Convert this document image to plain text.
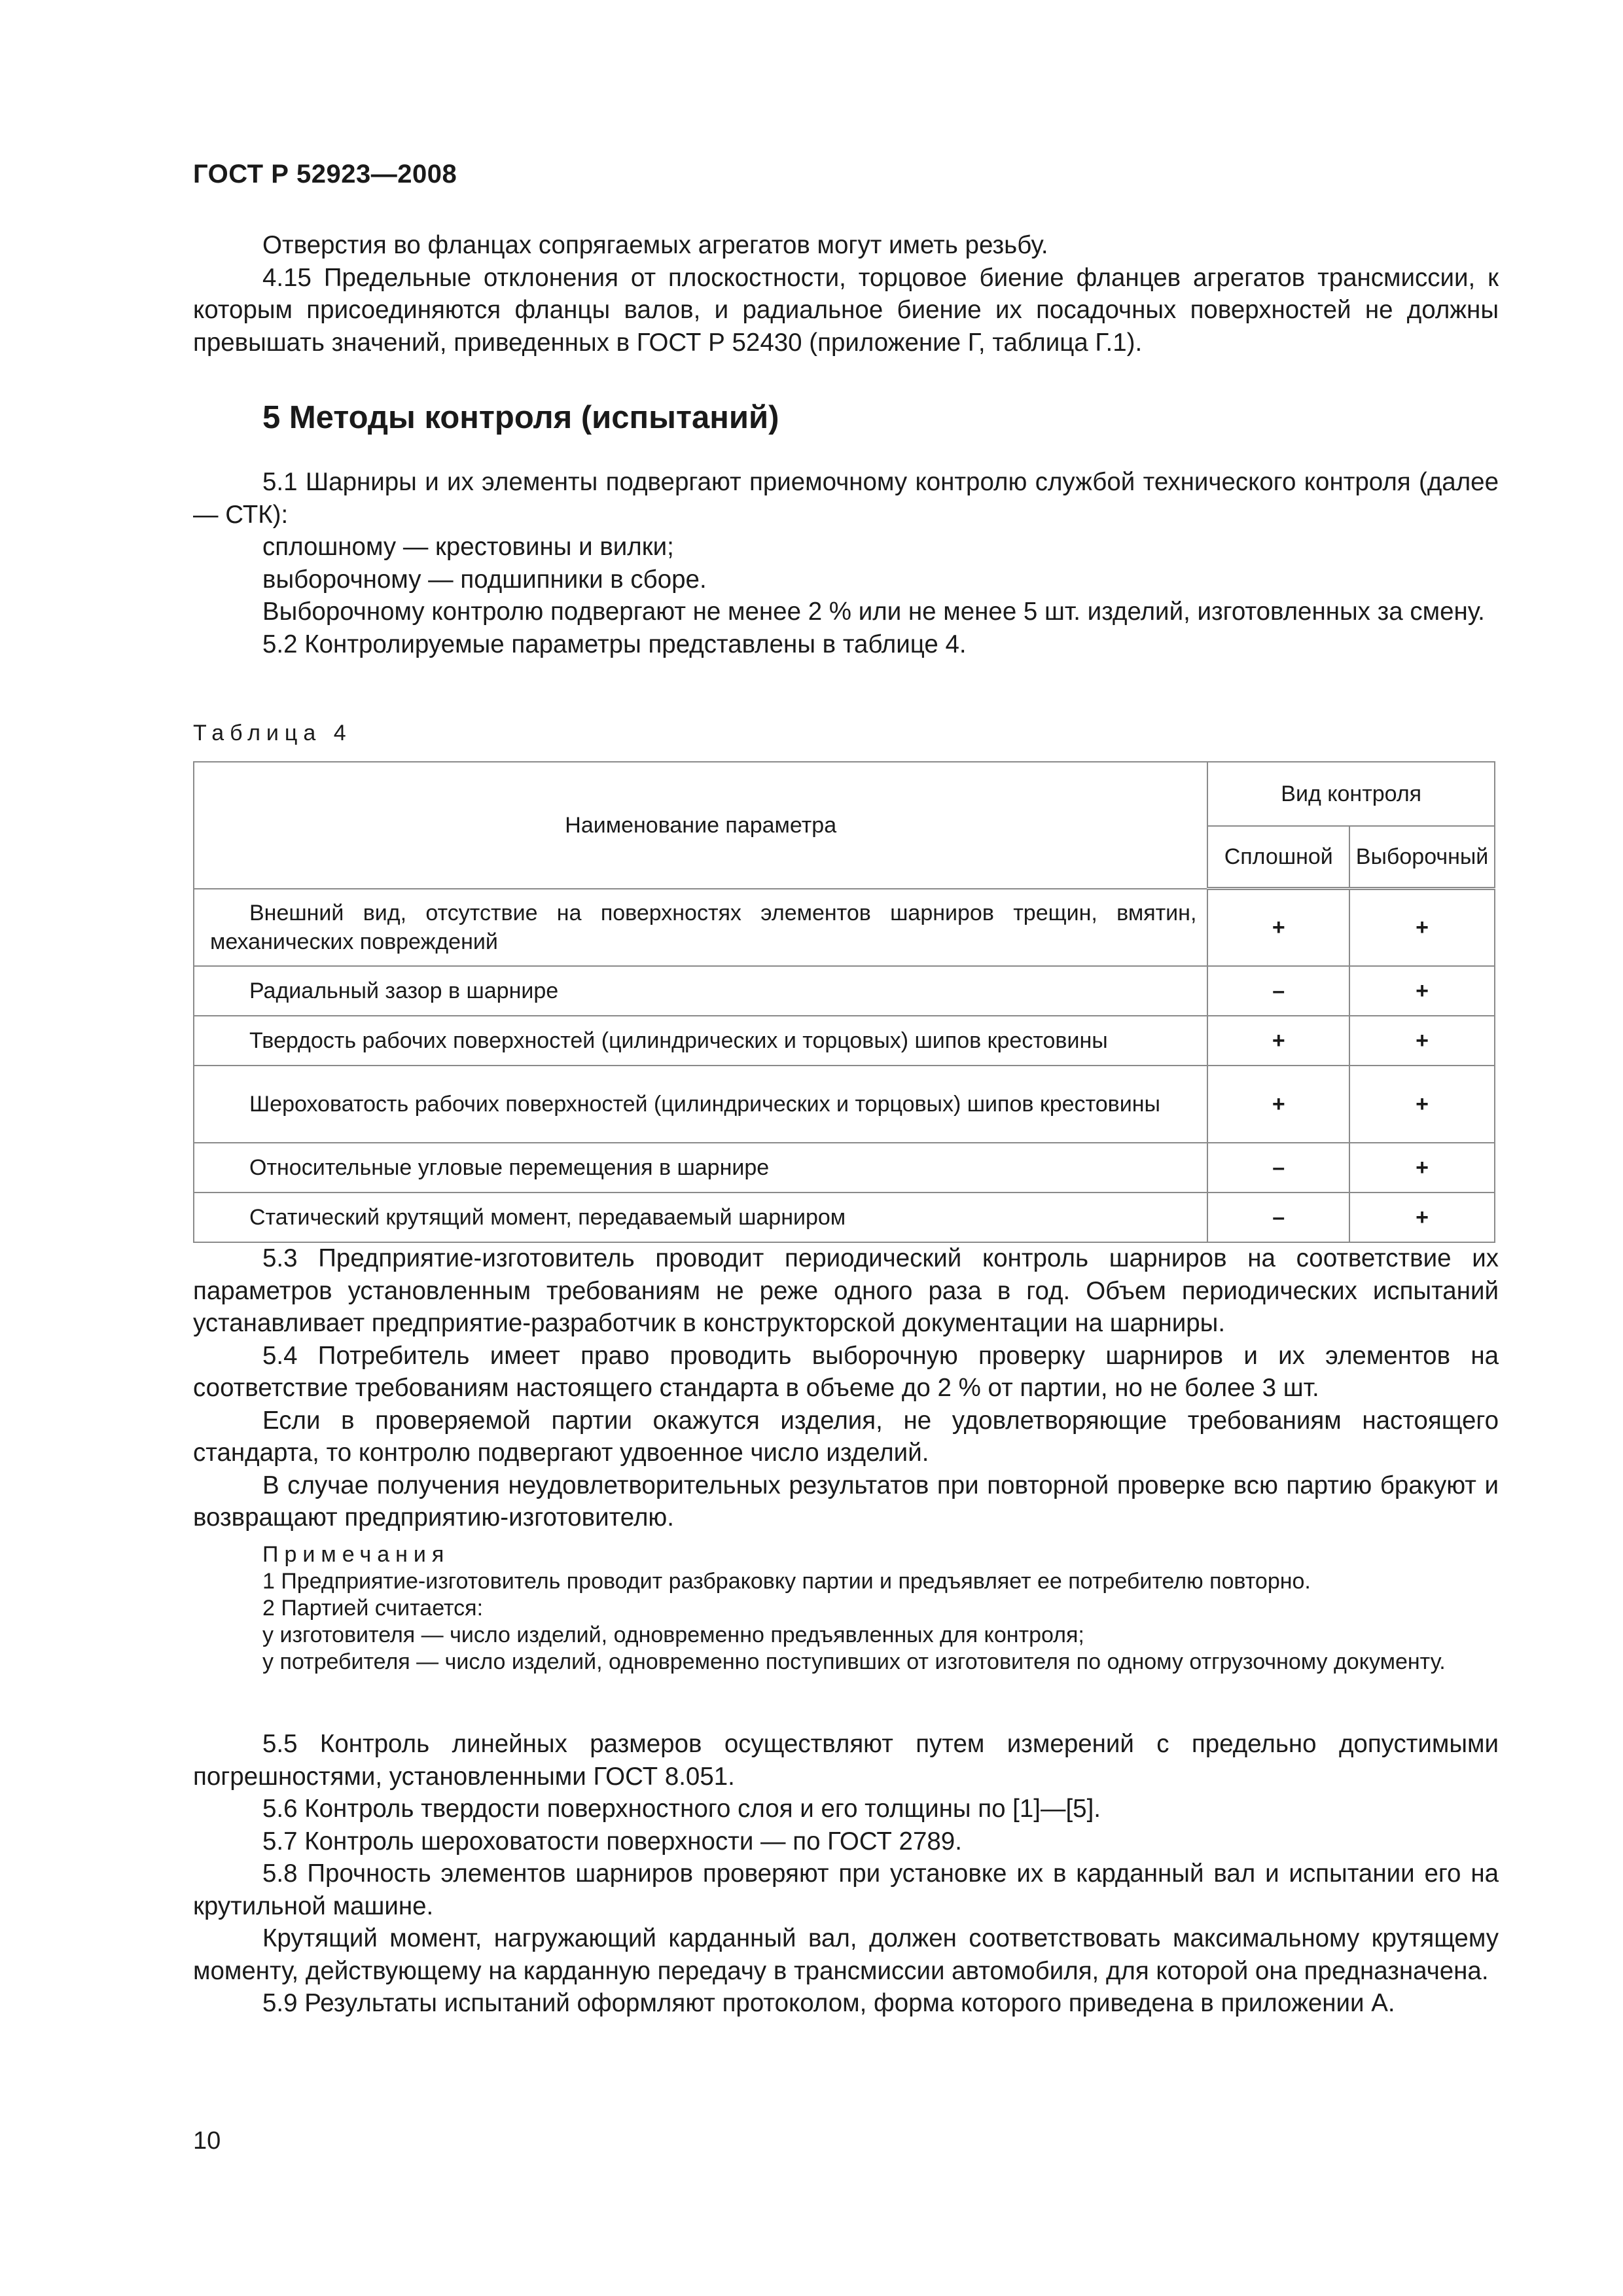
ГОСТ Р 52923—2008

Отверстия во фланцах сопрягаемых агрегатов могут иметь резьбу.

4.15 Предельные отклонения от плоскостности, торцовое биение фланцев агрегатов трансмиссии, к которым присоединяются фланцы валов, и радиальное биение их посадочных поверхностей не должны превышать значений, приведенных в ГОСТ Р 52430 (приложение Г, таблица Г.1).

5 Методы контроля (испытаний)

5.1 Шарниры и их элементы подвергают приемочному контролю службой технического контроля (далее — СТК):

сплошному — крестовины и вилки;

выборочному — подшипники в сборе.

Выборочному контролю подвергают не менее 2 % или не менее 5 шт. изделий, изготовленных за смену.

5.2 Контролируемые параметры представлены в таблице 4.

Таблица 4
Наименование параметра	Вид контроля	
	Сплошной	Выборочный

Внешний вид, отсутствие на поверхностях элементов шарниров трещин, вмятин, механических повреждений	+	+

Радиальный зазор в шарнире	–	+

Твердость рабочих поверхностей (цилиндрических и торцовых) шипов крестовины	+	+

Шероховатость рабочих поверхностей (цилиндрических и торцовых) шипов крестовины	+	+

Относительные угловые перемещения в шарнире	–	+

Статический крутящий момент, передаваемый шарниром	–	+

5.3 Предприятие-изготовитель проводит периодический контроль шарниров на соответствие их параметров установленным требованиям не реже одного раза в год. Объем периодических испытаний устанавливает предприятие-разработчик в конструкторской документации на шарниры.

5.4 Потребитель имеет право проводить выборочную проверку шарниров и их элементов на соответствие требованиям настоящего стандарта в объеме до 2 % от партии, но не более 3 шт.

Если в проверяемой партии окажутся изделия, не удовлетворяющие требованиям настоящего стандарта, то контролю подвергают удвоенное число изделий.

В случае получения неудовлетворительных результатов при повторной проверке всю партию бракуют и возвращают предприятию-изготовителю.

Примечания

1 Предприятие-изготовитель проводит разбраковку партии и предъявляет ее потребителю повторно.

2 Партией считается:

у изготовителя — число изделий, одновременно предъявленных для контроля;

у потребителя — число изделий, одновременно поступивших от изготовителя по одному отгрузочному документу.

5.5 Контроль линейных размеров осуществляют путем измерений с предельно допустимыми погрешностями, установленными ГОСТ 8.051.

5.6 Контроль твердости поверхностного слоя и его толщины по [1]—[5].

5.7 Контроль шероховатости поверхности — по ГОСТ 2789.

5.8 Прочность элементов шарниров проверяют при установке их в карданный вал и испытании его на крутильной машине.

Крутящий момент, нагружающий карданный вал, должен соответствовать максимальному крутящему моменту, действующему на карданную передачу в трансмиссии автомобиля, для которой она предназначена.

5.9 Результаты испытаний оформляют протоколом, форма которого приведена в приложении А.

10
